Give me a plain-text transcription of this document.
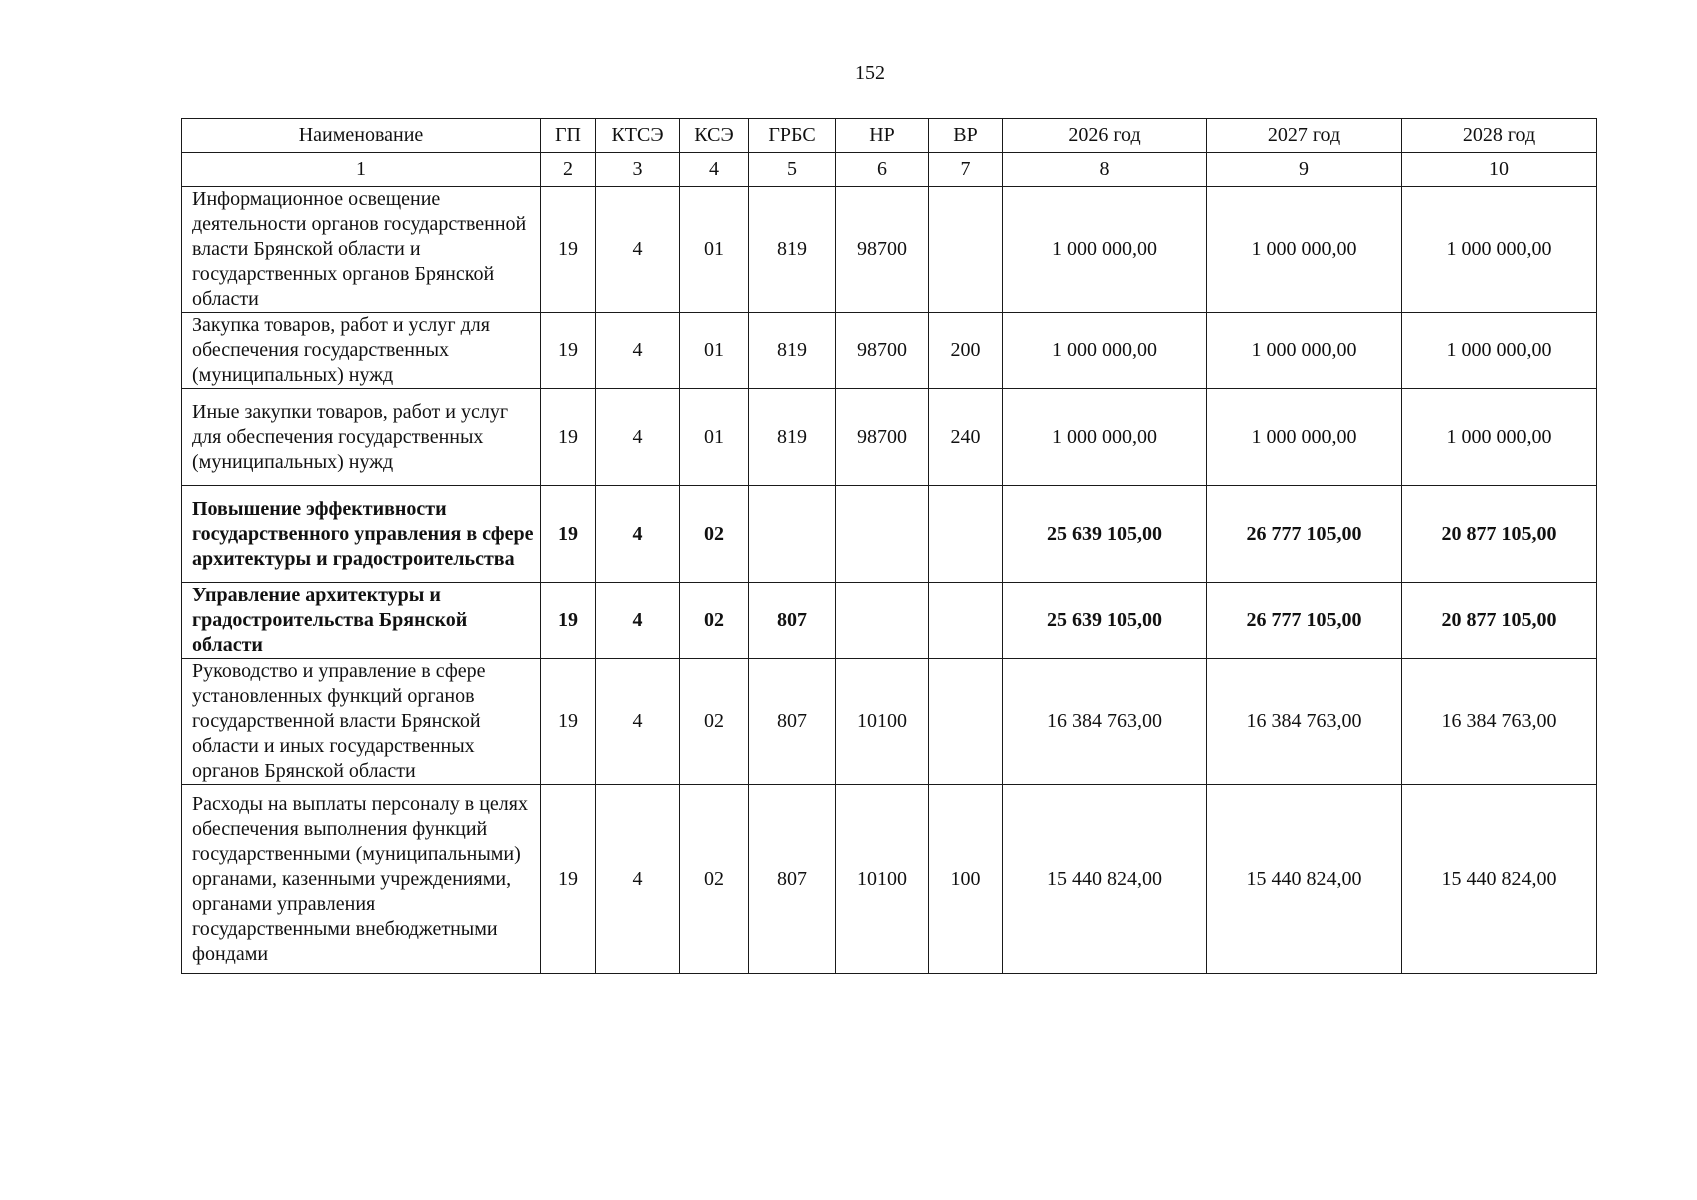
152
Наименование	ГП	КТСЭ	КСЭ	ГРБС	НР	ВР	2026 год	2027 год	2028 год
1	2	3	4	5	6	7	8	9	10
Информационное освещение деятельности органов государственной власти Брянской области и государственных органов Брянской области	19	4	01	819	98700		1 000 000,00	1 000 000,00	1 000 000,00
Закупка товаров, работ и услуг для обеспечения государственных (муниципальных) нужд	19	4	01	819	98700	200	1 000 000,00	1 000 000,00	1 000 000,00
Иные закупки товаров, работ и услуг для обеспечения государственных (муниципальных) нужд	19	4	01	819	98700	240	1 000 000,00	1 000 000,00	1 000 000,00
Повышение эффективности государственного управления в сфере архитектуры и градостроительства	19	4	02				25 639 105,00	26 777 105,00	20 877 105,00
Управление архитектуры и градостроительства Брянской области	19	4	02	807			25 639 105,00	26 777 105,00	20 877 105,00
Руководство и управление в сфере установленных функций органов государственной власти Брянской области и иных государственных органов Брянской области	19	4	02	807	10100		16 384 763,00	16 384 763,00	16 384 763,00
Расходы на выплаты персоналу в целях обеспечения выполнения функций государственными (муниципальными) органами, казенными учреждениями, органами управления государственными внебюджетными фондами	19	4	02	807	10100	100	15 440 824,00	15 440 824,00	15 440 824,00
